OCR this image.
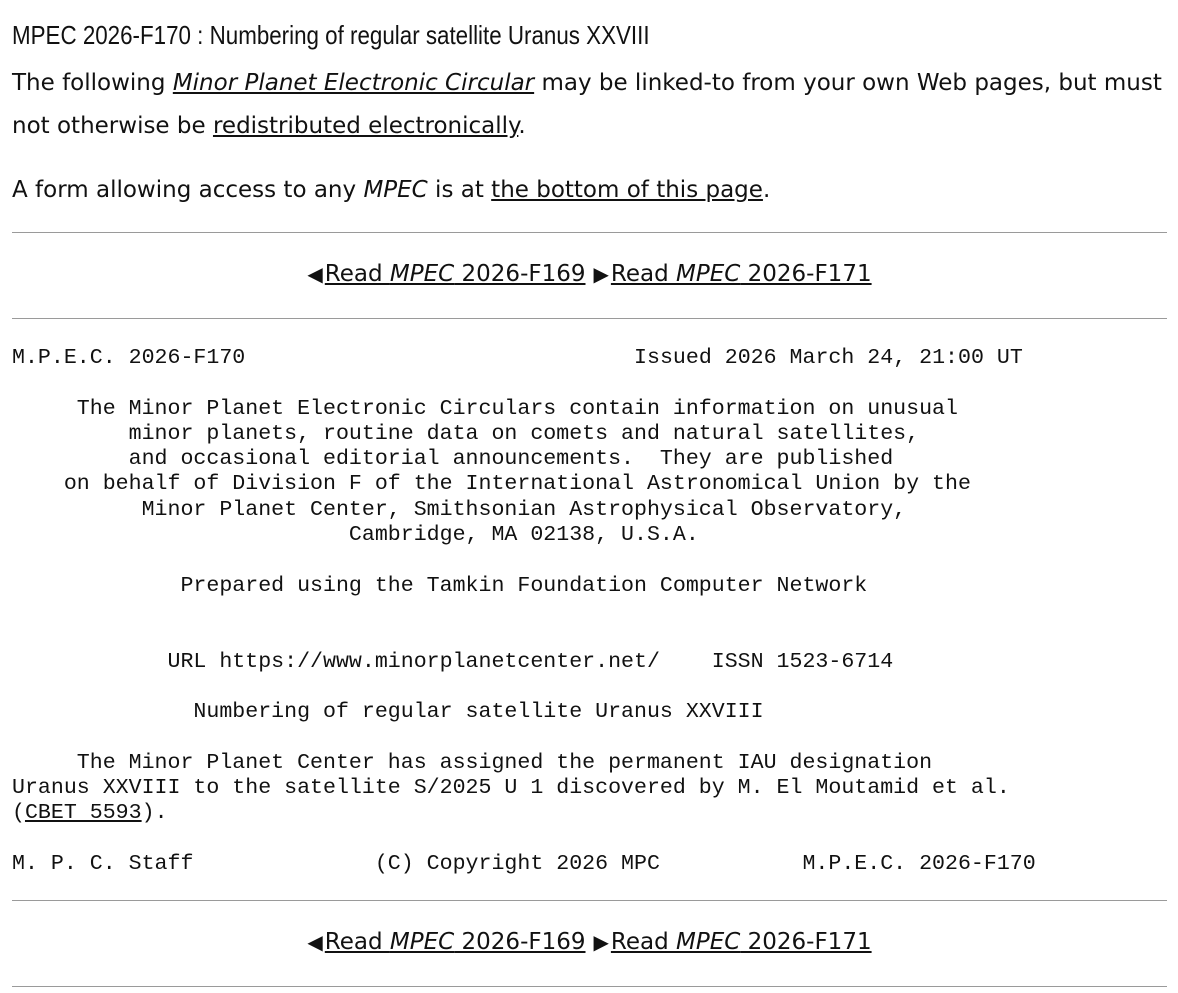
MPEC 2026-F170 : Numbering of regular satellite Uranus XXVIII
The following Minor Planet Electronic Circular may be linked-to from your own Web pages, but must
not otherwise be redistributed electronically.
A form allowing access to any MPEC is at the bottom of this page.
◀Read MPEC 2026-F169 ▶Read MPEC 2026-F171
M.P.E.C. 2026-F170	Issued 2026 March 24, 21:00 UT

The Minor Planet Electronic Circulars contain information on unusual
minor planets, routine data on comets and natural satellites,
and occasional editorial announcements.  They are published
on behalf of Division F of the International Astronomical Union by the
Minor Planet Center, Smithsonian Astrophysical Observatory,
Cambridge, MA 02138, U.S.A.

Prepared using the Tamkin Foundation Computer Network

URL https://www.minorplanetcenter.net/    ISSN 1523-6714

Numbering of regular satellite Uranus XXVIII

The Minor Planet Center has assigned the permanent IAU designation
Uranus XXVIII to the satellite S/2025 U 1 discovered by M. El Moutamid et al.
(CBET 5593).

M. P. C. Staff              (C) Copyright 2026 MPC           M.P.E.C. 2026-F170
◀Read MPEC 2026-F169 ▶Read MPEC 2026-F171
